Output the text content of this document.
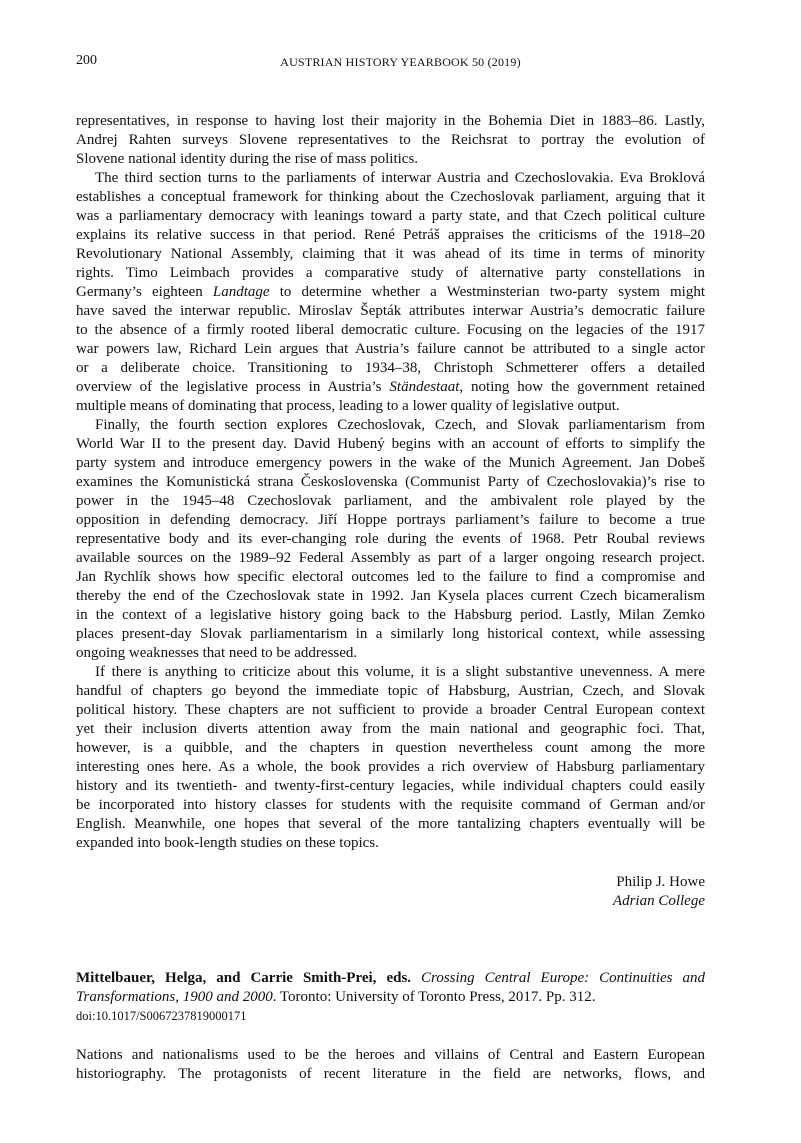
200	AUSTRIAN HISTORY YEARBOOK 50 (2019)
representatives, in response to having lost their majority in the Bohemia Diet in 1883–86. Lastly,
Andrej Rahten surveys Slovene representatives to the Reichsrat to portray the evolution of
Slovene national identity during the rise of mass politics.
The third section turns to the parliaments of interwar Austria and Czechoslovakia. Eva Broklová
establishes a conceptual framework for thinking about the Czechoslovak parliament, arguing that it
was a parliamentary democracy with leanings toward a party state, and that Czech political culture
explains its relative success in that period. René Petráš appraises the criticisms of the 1918–20
Revolutionary National Assembly, claiming that it was ahead of its time in terms of minority
rights. Timo Leimbach provides a comparative study of alternative party constellations in
Germany’s eighteen Landtage to determine whether a Westminsterian two-party system might
have saved the interwar republic. Miroslav Šepták attributes interwar Austria’s democratic failure
to the absence of a firmly rooted liberal democratic culture. Focusing on the legacies of the 1917
war powers law, Richard Lein argues that Austria’s failure cannot be attributed to a single actor
or a deliberate choice. Transitioning to 1934–38, Christoph Schmetterer offers a detailed
overview of the legislative process in Austria’s Ständestaat, noting how the government retained
multiple means of dominating that process, leading to a lower quality of legislative output.
Finally, the fourth section explores Czechoslovak, Czech, and Slovak parliamentarism from
World War II to the present day. David Hubený begins with an account of efforts to simplify the
party system and introduce emergency powers in the wake of the Munich Agreement. Jan Dobeš
examines the Komunistická strana Československa (Communist Party of Czechoslovakia)’s rise to
power in the 1945–48 Czechoslovak parliament, and the ambivalent role played by the
opposition in defending democracy. Jiří Hoppe portrays parliament’s failure to become a true
representative body and its ever-changing role during the events of 1968. Petr Roubal reviews
available sources on the 1989–92 Federal Assembly as part of a larger ongoing research project.
Jan Rychlík shows how specific electoral outcomes led to the failure to find a compromise and
thereby the end of the Czechoslovak state in 1992. Jan Kysela places current Czech bicameralism
in the context of a legislative history going back to the Habsburg period. Lastly, Milan Zemko
places present-day Slovak parliamentarism in a similarly long historical context, while assessing
ongoing weaknesses that need to be addressed.
If there is anything to criticize about this volume, it is a slight substantive unevenness. A mere
handful of chapters go beyond the immediate topic of Habsburg, Austrian, Czech, and Slovak
political history. These chapters are not sufficient to provide a broader Central European context
yet their inclusion diverts attention away from the main national and geographic foci. That,
however, is a quibble, and the chapters in question nevertheless count among the more
interesting ones here. As a whole, the book provides a rich overview of Habsburg parliamentary
history and its twentieth- and twenty-first-century legacies, while individual chapters could easily
be incorporated into history classes for students with the requisite command of German and/or
English. Meanwhile, one hopes that several of the more tantalizing chapters eventually will be
expanded into book-length studies on these topics.
Philip J. Howe
Adrian College
Mittelbauer, Helga, and Carrie Smith-Prei, eds. Crossing Central Europe: Continuities and
Transformations, 1900 and 2000. Toronto: University of Toronto Press, 2017. Pp. 312.
doi:10.1017/S0067237819000171
Nations and nationalisms used to be the heroes and villains of Central and Eastern European
historiography. The protagonists of recent literature in the field are networks, flows, and
